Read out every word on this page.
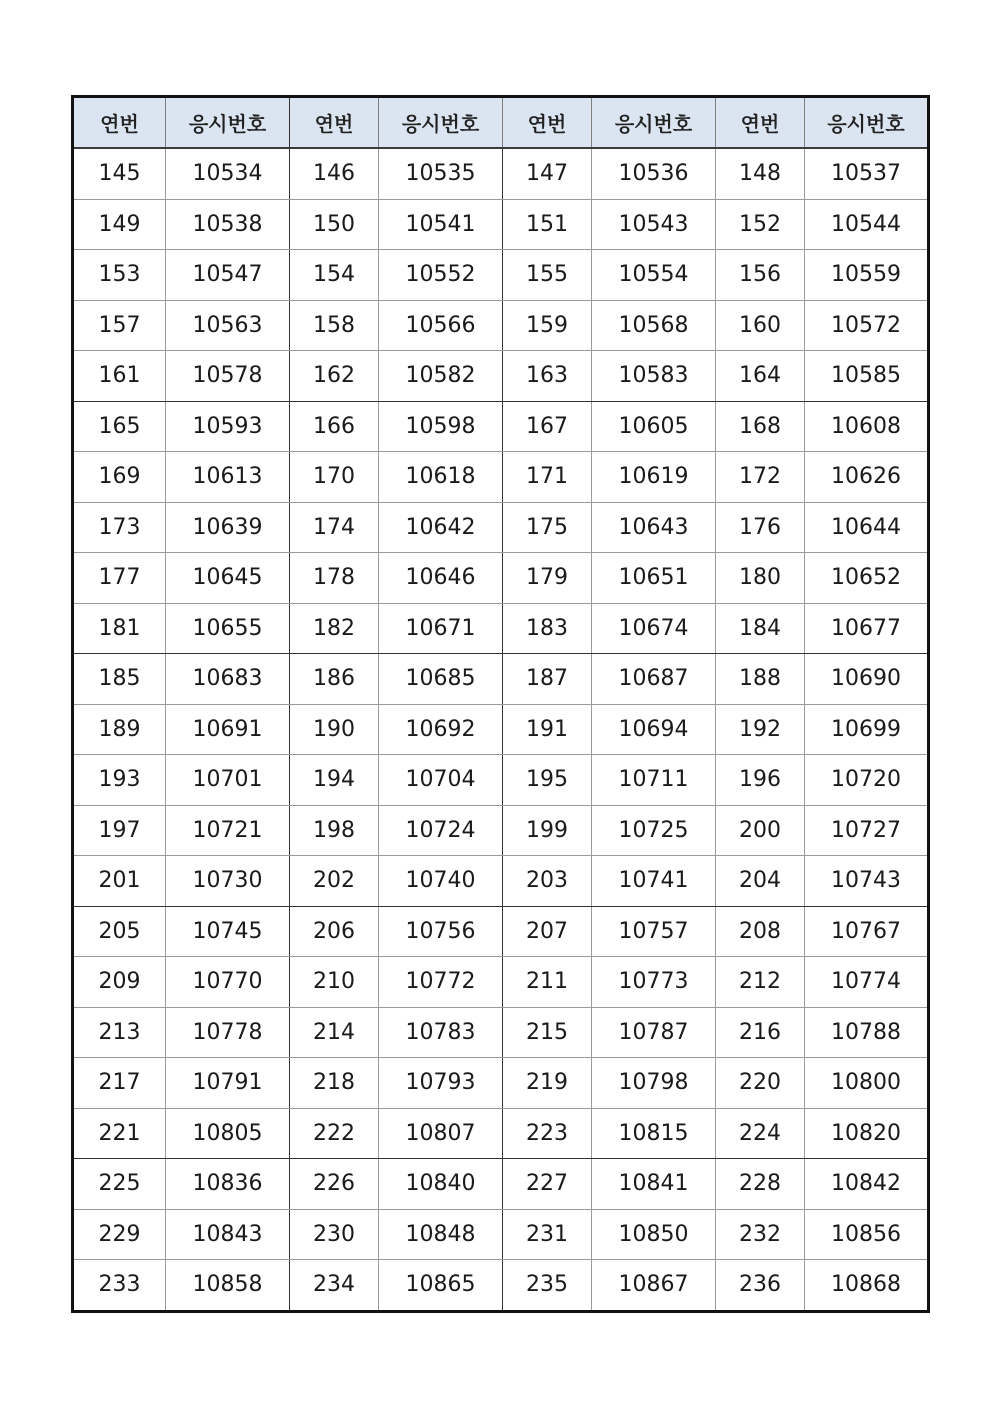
연번	응시번호	연번	응시번호	연번	응시번호	연번	응시번호
145	10534	146	10535	147	10536	148	10537
149	10538	150	10541	151	10543	152	10544
153	10547	154	10552	155	10554	156	10559
157	10563	158	10566	159	10568	160	10572
161	10578	162	10582	163	10583	164	10585
165	10593	166	10598	167	10605	168	10608
169	10613	170	10618	171	10619	172	10626
173	10639	174	10642	175	10643	176	10644
177	10645	178	10646	179	10651	180	10652
181	10655	182	10671	183	10674	184	10677
185	10683	186	10685	187	10687	188	10690
189	10691	190	10692	191	10694	192	10699
193	10701	194	10704	195	10711	196	10720
197	10721	198	10724	199	10725	200	10727
201	10730	202	10740	203	10741	204	10743
205	10745	206	10756	207	10757	208	10767
209	10770	210	10772	211	10773	212	10774
213	10778	214	10783	215	10787	216	10788
217	10791	218	10793	219	10798	220	10800
221	10805	222	10807	223	10815	224	10820
225	10836	226	10840	227	10841	228	10842
229	10843	230	10848	231	10850	232	10856
233	10858	234	10865	235	10867	236	10868
